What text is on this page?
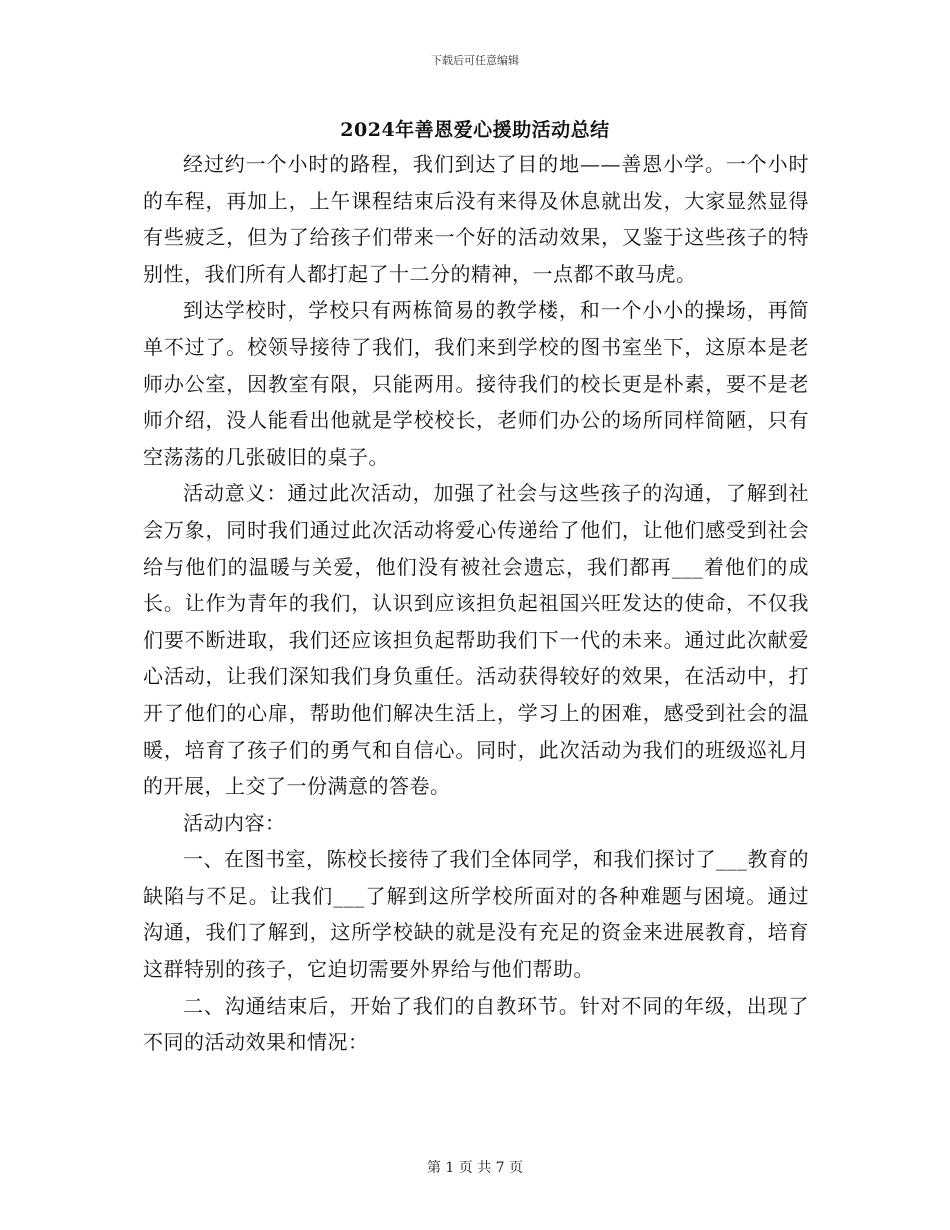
下载后可任意编辑
2024年善恩爱心援助活动总结

经过约一个小时的路程，我们到达了目的地——善恩小学。一个小时的车程，再加上，上午课程结束后没有来得及休息就出发，大家显然显得有些疲乏，但为了给孩子们带来一个好的活动效果，又鉴于这些孩子的特别性，我们所有人都打起了十二分的精神，一点都不敢马虎。

到达学校时，学校只有两栋简易的教学楼，和一个小小的操场，再简单不过了。校领导接待了我们，我们来到学校的图书室坐下，这原本是老师办公室，因教室有限，只能两用。接待我们的校长更是朴素，要不是老师介绍，没人能看出他就是学校校长，老师们办公的场所同样简陋，只有空荡荡的几张破旧的桌子。

活动意义：通过此次活动，加强了社会与这些孩子的沟通，了解到社会万象，同时我们通过此次活动将爱心传递给了他们，让他们感受到社会给与他们的温暖与关爱，他们没有被社会遗忘，我们都再___着他们的成长。让作为青年的我们，认识到应该担负起祖国兴旺发达的使命，不仅我们要不断进取，我们还应该担负起帮助我们下一代的未来。通过此次献爱心活动，让我们深知我们身负重任。活动获得较好的效果，在活动中，打开了他们的心扉，帮助他们解决生活上，学习上的困难，感受到社会的温暖，培育了孩子们的勇气和自信心。同时，此次活动为我们的班级巡礼月的开展，上交了一份满意的答卷。

活动内容：

一、在图书室，陈校长接待了我们全体同学，和我们探讨了___教育的缺陷与不足。让我们___了解到这所学校所面对的各种难题与困境。通过沟通，我们了解到，这所学校缺的就是没有充足的资金来进展教育，培育这群特别的孩子，它迫切需要外界给与他们帮助。

二、沟通结束后，开始了我们的自教环节。针对不同的年级，出现了不同的活动效果和情况：

第 1 页 共 7 页
